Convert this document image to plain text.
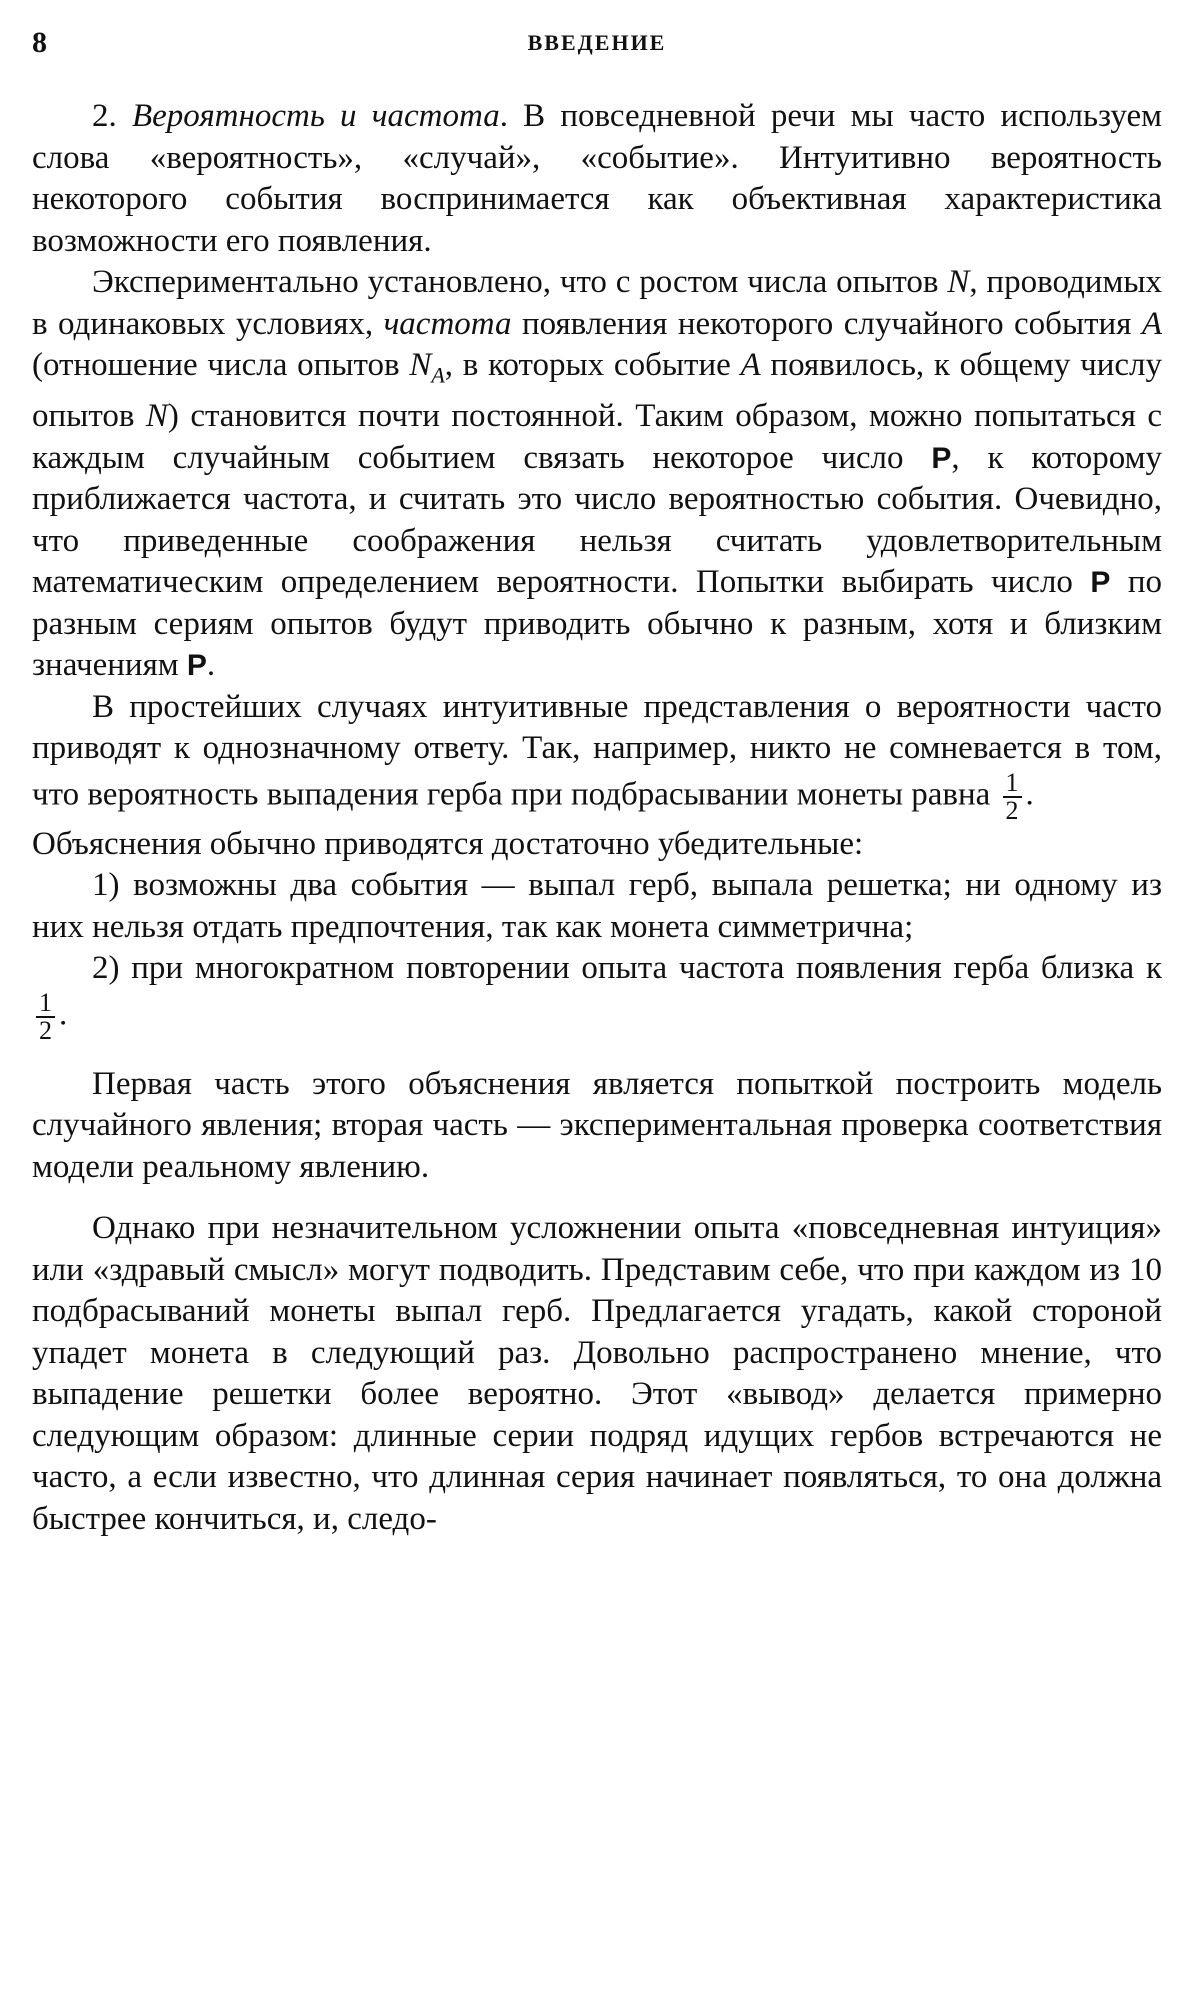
8	ВВЕДЕНИЕ

2. Вероятность и частота. В повседневной речи мы часто используем слова «вероятность», «случай», «событие». Интуитивно вероятность некоторого события воспринимается как объективная характеристика возможности его появления.

Экспериментально установлено, что с ростом числа опытов N, проводимых в одинаковых условиях, частота появления некоторого случайного события A (отношение числа опытов $N_A$, в которых событие A появилось, к общему числу опытов N) становится почти постоянной. Таким образом, можно попытаться с каждым случайным событием связать некоторое число P, к которому приближается частота, и считать это число вероятностью события. Очевидно, что приведенные соображения нельзя считать удовлетворительным математическим определением вероятности. Попытки выбирать число P по разным сериям опытов будут приводить обычно к разным, хотя и близким значениям P.

В простейших случаях интуитивные представления о вероятности часто приводят к однозначному ответу. Так, например, никто не сомневается в том, что вероятность выпадения герба при подбрасывании монеты равна $\frac{1}{2}$ .

Объяснения обычно приводятся достаточно убедительные:

1) возможны два события — выпал герб, выпала решетка; ни одному из них нельзя отдать предпочтения, так как монета симметрична;

2) при многократном повторении опыта частота появления герба близка к
$\frac{1}{2}$ .

Первая часть этого объяснения является попыткой построить модель случайного явления; вторая часть — экспериментальная проверка соответствия модели реальному явлению.

Однако при незначительном усложнении опыта «повседневная интуиция» или «здравый смысл» могут подводить. Представим себе, что при каждом из 10 подбрасываний монеты выпал герб. Предлагается угадать, какой стороной упадет монета в следующий раз. Довольно распространено мнение, что выпадение решетки более вероятно. Этот «вывод» делается примерно следующим образом: длинные серии подряд идущих гербов встречаются не часто, а если известно, что длинная серия начинает появляться, то она должна быстрее кончиться, и, следо-
